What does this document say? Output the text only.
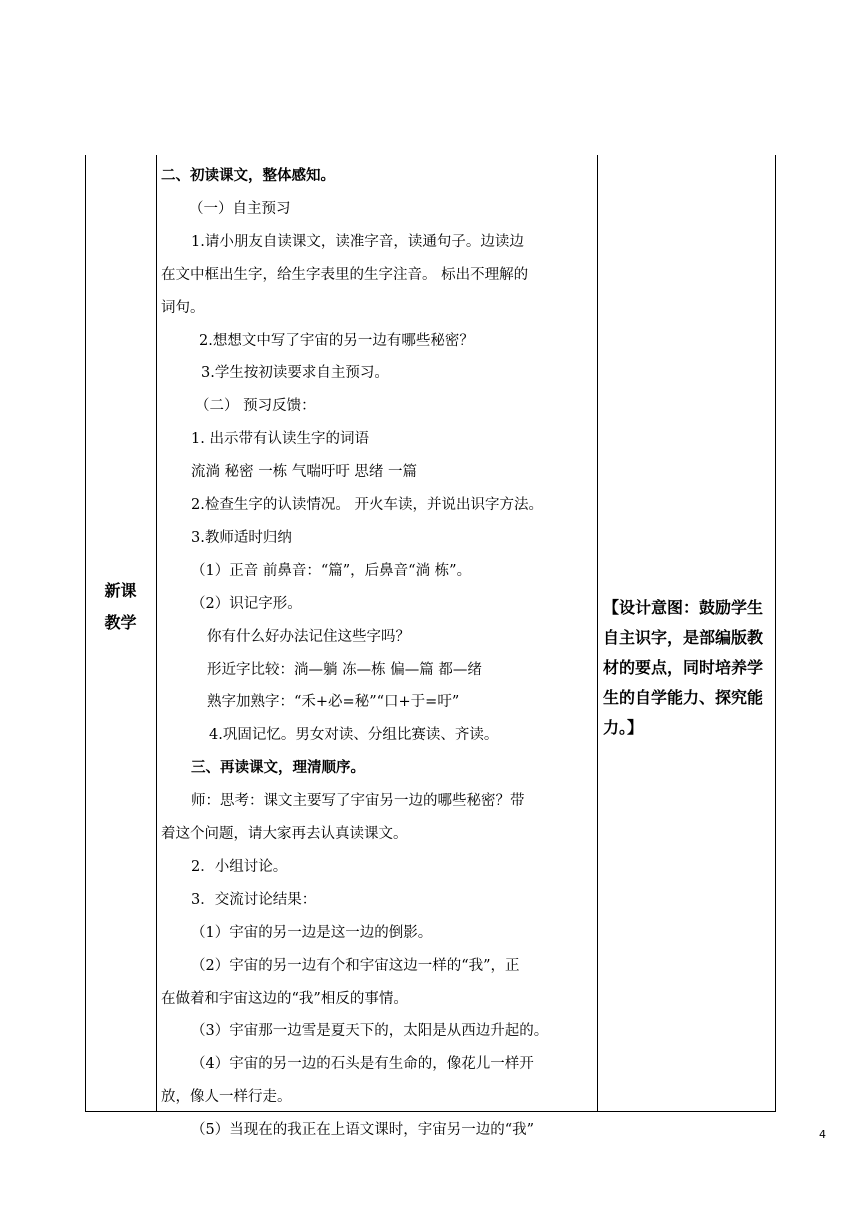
新课
教学
二、初读课文，整体感知。
（一）自主预习
1.请小朋友自读课文，读准字音，读通句子。边读边
在文中框出生字，给生字表里的生字注音。 标出不理解的
词句。
2.想想文中写了宇宙的另一边有哪些秘密？
3.学生按初读要求自主预习。
（二） 预习反馈：
1. 出示带有认读生字的词语
流淌 秘密 一栋 气喘吁吁 思绪 一篇
2.检查生字的认读情况。 开火车读，并说出识字方法。
3.教师适时归纳
（1）正音 前鼻音：“篇”，后鼻音“淌 栋”。
（2）识记字形。
你有什么好办法记住这些字吗？
形近字比较：淌—躺 冻—栋 偏—篇 都—绪
熟字加熟字：“禾+必=秘”“口+于=吁”
4.巩固记忆。男女对读、分组比赛读、齐读。
三、再读课文，理清顺序。
师：思考：课文主要写了宇宙另一边的哪些秘密？带
着这个问题，请大家再去认真读课文。
2．小组讨论。
3．交流讨论结果：
（1）宇宙的另一边是这一边的倒影。
（2）宇宙的另一边有个和宇宙这边一样的“我”，正
在做着和宇宙这边的“我”相反的事情。
（3）宇宙那一边雪是夏天下的，太阳是从西边升起的。
（4）宇宙的另一边的石头是有生命的，像花儿一样开
放，像人一样行走。
（5）当现在的我正在上语文课时，宇宙另一边的“我”
【设计意图：鼓励学生自主识字，是部编版教材的要点，同时培养学生的自学能力、探究能力。】
4
